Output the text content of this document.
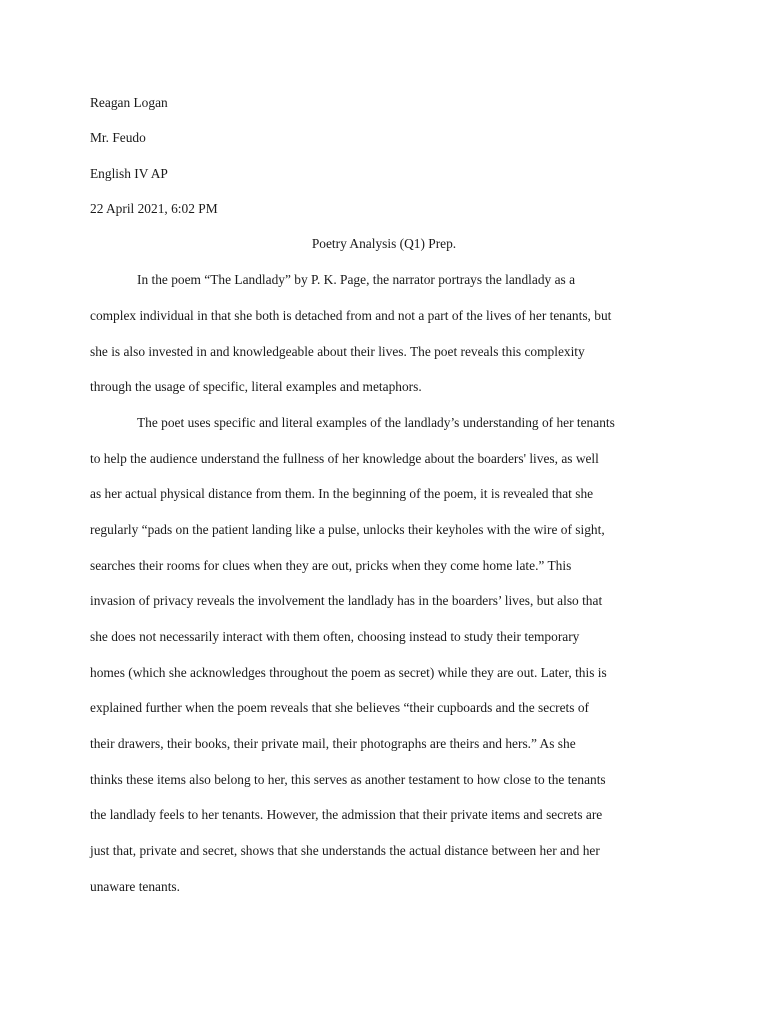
Reagan Logan
Mr. Feudo
English IV AP
22 April 2021, 6:02 PM
Poetry Analysis (Q1) Prep.
In the poem “The Landlady” by P. K. Page, the narrator portrays the landlady as a
complex individual in that she both is detached from and not a part of the lives of her tenants, but
she is also invested in and knowledgeable about their lives. The poet reveals this complexity
through the usage of specific, literal examples and metaphors.
The poet uses specific and literal examples of the landlady’s understanding of her tenants
to help the audience understand the fullness of her knowledge about the boarders' lives, as well
as her actual physical distance from them. In the beginning of the poem, it is revealed that she
regularly “pads on the patient landing like a pulse, unlocks their keyholes with the wire of sight,
searches their rooms for clues when they are out, pricks when they come home late.” This
invasion of privacy reveals the involvement the landlady has in the boarders’ lives, but also that
she does not necessarily interact with them often, choosing instead to study their temporary
homes (which she acknowledges throughout the poem as secret) while they are out. Later, this is
explained further when the poem reveals that she believes “their cupboards and the secrets of
their drawers, their books, their private mail, their photographs are theirs and hers.” As she
thinks these items also belong to her, this serves as another testament to how close to the tenants
the landlady feels to her tenants. However, the admission that their private items and secrets are
just that, private and secret, shows that she understands the actual distance between her and her
unaware tenants.
